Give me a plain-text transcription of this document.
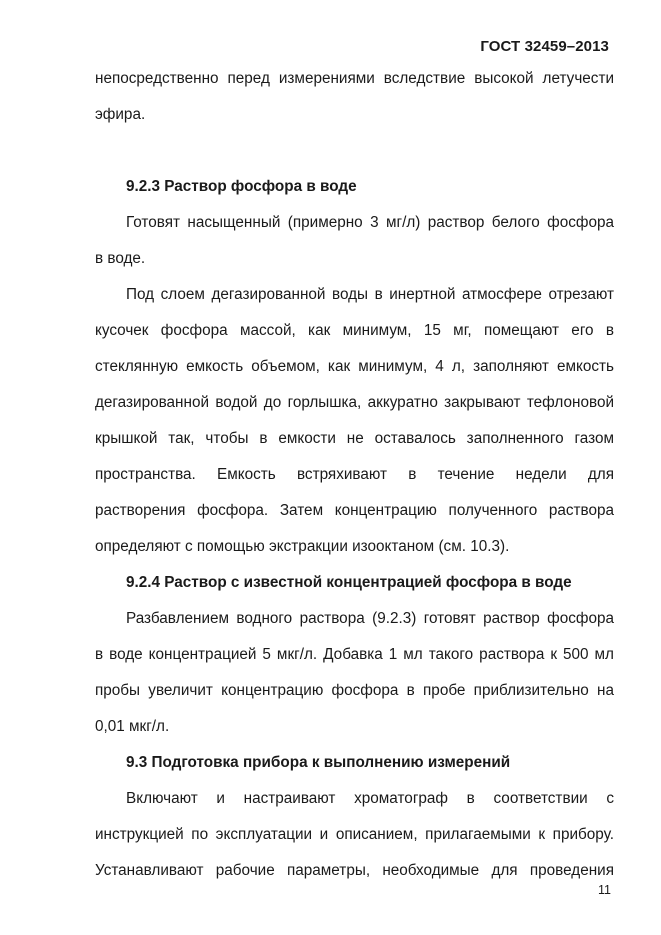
ГОСТ 32459–2013
непосредственно перед измерениями вследствие высокой летучести
эфира.
9.2.3 Раствор фосфора в воде
Готовят насыщенный (примерно 3 мг/л) раствор белого фосфора
в воде.
Под слоем дегазированной воды в инертной атмосфере отрезают
кусочек фосфора массой, как минимум, 15 мг, помещают его в
стеклянную емкость объемом, как минимум, 4 л, заполняют емкость
дегазированной водой до горлышка, аккуратно закрывают тефлоновой
крышкой так, чтобы в емкости не оставалось заполненного газом
пространства. Емкость встряхивают в течение недели для
растворения фосфора. Затем концентрацию полученного раствора
определяют с помощью экстракции изооктаном (см. 10.3).
9.2.4 Раствор с известной концентрацией фосфора в воде
Разбавлением водного раствора (9.2.3) готовят раствор фосфора
в воде концентрацией 5 мкг/л. Добавка 1 мл такого раствора к 500 мл
пробы увеличит концентрацию фосфора в пробе приблизительно на
0,01 мкг/л.
9.3 Подготовка прибора к выполнению измерений
Включают и настраивают хроматограф в соответствии с
инструкцией по эксплуатации и описанием, прилагаемыми к прибору.
Устанавливают рабочие параметры, необходимые для проведения
11
